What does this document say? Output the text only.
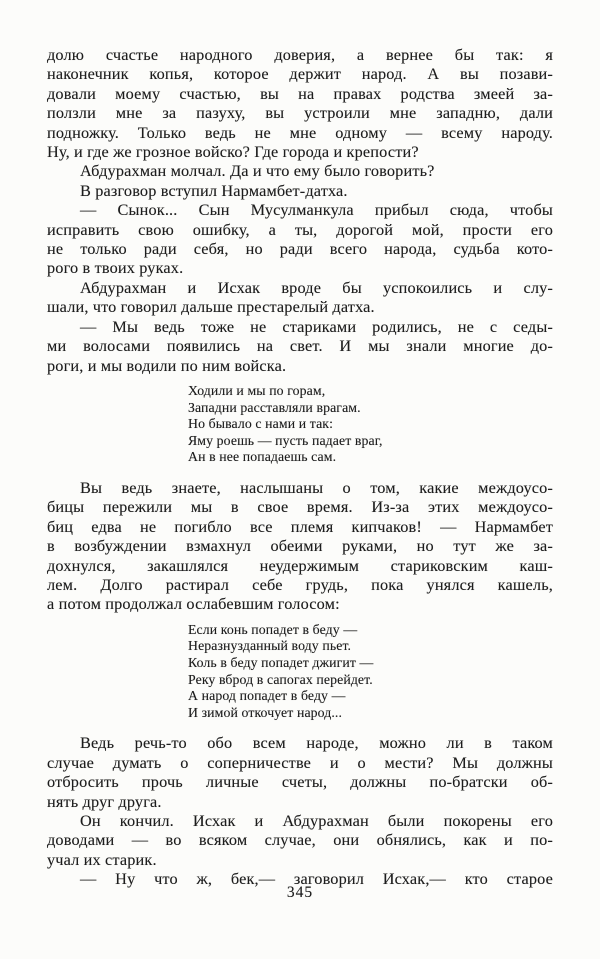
долю счастье народного доверия, а вернее бы так: я
наконечник копья, которое держит народ. А вы позави-
довали моему счастью, вы на правах родства змеей за-
ползли мне за пазуху, вы устроили мне западню, дали
подножку. Только ведь не мне одному — всему народу.
Ну, и где же грозное войско? Где города и крепости?
Абдурахман молчал. Да и что ему было говорить?
В разговор вступил Нармамбет-датха.
— Сынок... Сын Мусулманкула прибыл сюда, чтобы
исправить свою ошибку, а ты, дорогой мой, прости его
не только ради себя, но ради всего народа, судьба кото-
рого в твоих руках.
Абдурахман и Исхак вроде бы успокоились и слу-
шали, что говорил дальше престарелый датха.
— Мы ведь тоже не стариками родились, не с седы-
ми волосами появились на свет. И мы знали многие до-
роги, и мы водили по ним войска.
Ходили и мы по горам,
Западни расставляли врагам.
Но бывало с нами и так:
Яму роешь — пусть падает враг,
Ан в нее попадаешь сам.
Вы ведь знаете, наслышаны о том, какие междоусо-
бицы пережили мы в свое время. Из-за этих междоусо-
биц едва не погибло все племя кипчаков! — Нармамбет
в возбуждении взмахнул обеими руками, но тут же за-
дохнулся, закашлялся неудержимым стариковским каш-
лем. Долго растирал себе грудь, пока унялся кашель,
а потом продолжал ослабевшим голосом:
Если конь попадет в беду —
Неразнузданный воду пьет.
Коль в беду попадет джигит —
Реку вброд в сапогах перейдет.
А народ попадет в беду —
И зимой откочует народ...
Ведь речь-то обо всем народе, можно ли в таком
случае думать о соперничестве и о мести? Мы должны
отбросить прочь личные счеты, должны по-братски об-
нять друг друга.
Он кончил. Исхак и Абдурахман были покорены его
доводами — во всяком случае, они обнялись, как и по-
учал их старик.
— Ну что ж, бек,— заговорил Исхак,— кто старое
345
